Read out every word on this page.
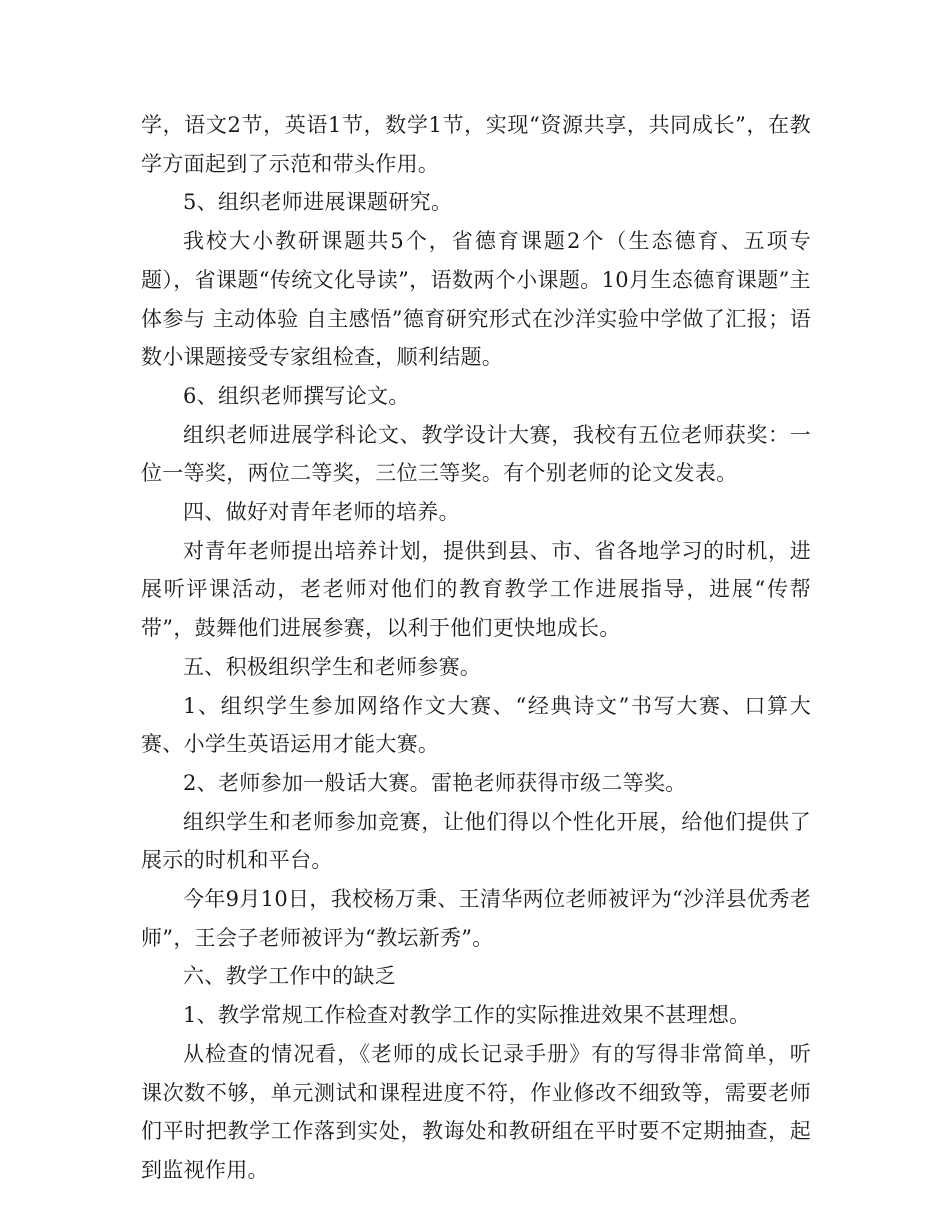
学，语文2节，英语1节，数学1节，实现“资源共享，共同成长”，在教学方面起到了示范和带头作用。

5、组织老师进展课题研究。

我校大小教研课题共5个，省德育课题2个（生态德育、五项专题），省课题“传统文化导读”，语数两个小课题。10月生态德育课题”主体参与 主动体验 自主感悟”德育研究形式在沙洋实验中学做了汇报；语数小课题接受专家组检查，顺利结题。

6、组织老师撰写论文。

组织老师进展学科论文、教学设计大赛，我校有五位老师获奖：一位一等奖，两位二等奖，三位三等奖。有个别老师的论文发表。

四、做好对青年老师的培养。

对青年老师提出培养计划，提供到县、市、省各地学习的时机，进展听评课活动，老老师对他们的教育教学工作进展指导，进展“传帮带”，鼓舞他们进展参赛，以利于他们更快地成长。

五、积极组织学生和老师参赛。

1、组织学生参加网络作文大赛、“经典诗文”书写大赛、口算大赛、小学生英语运用才能大赛。

2、老师参加一般话大赛。雷艳老师获得市级二等奖。

组织学生和老师参加竞赛，让他们得以个性化开展，给他们提供了展示的时机和平台。

今年9月10日，我校杨万秉、王清华两位老师被评为“沙洋县优秀老师”，王会子老师被评为“教坛新秀”。

六、教学工作中的缺乏

1、教学常规工作检查对教学工作的实际推进效果不甚理想。

从检查的情况看，《老师的成长记录手册》有的写得非常简单，听课次数不够，单元测试和课程进度不符，作业修改不细致等，需要老师们平时把教学工作落到实处，教诲处和教研组在平时要不定期抽查，起到监视作用。
